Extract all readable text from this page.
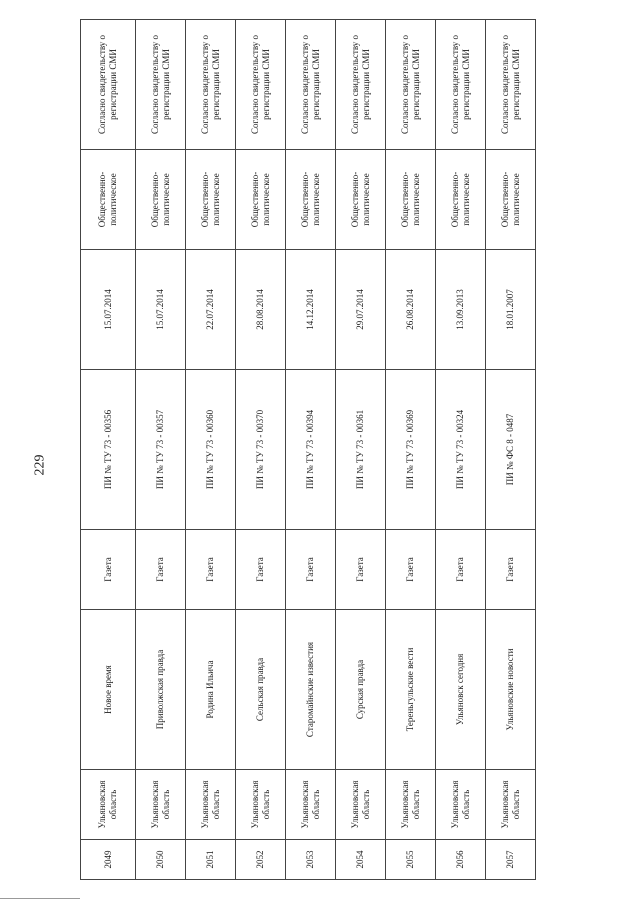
229
2049	Ульяновская область	Новое время	Газета	ПИ № ТУ 73 - 00356	15.07.2014	Общественно-политическое	Согласно свидетельству о регистрации СМИ
2050	Ульяновская область	Приволжская правда	Газета	ПИ № ТУ 73 - 00357	15.07.2014	Общественно-политическое	Согласно свидетельству о регистрации СМИ
2051	Ульяновская область	Родина Ильича	Газета	ПИ № ТУ 73 - 00360	22.07.2014	Общественно-политическое	Согласно свидетельству о регистрации СМИ
2052	Ульяновская область	Сельская правда	Газета	ПИ № ТУ 73 - 00370	28.08.2014	Общественно-политическое	Согласно свидетельству о регистрации СМИ
2053	Ульяновская область	Старомайнские известия	Газета	ПИ № ТУ 73 - 00394	14.12.2014	Общественно-политическое	Согласно свидетельству о регистрации СМИ
2054	Ульяновская область	Сурская правда	Газета	ПИ № ТУ 73 - 00361	29.07.2014	Общественно-политическое	Согласно свидетельству о регистрации СМИ
2055	Ульяновская область	Тереньгульские вести	Газета	ПИ № ТУ 73 - 00369	26.08.2014	Общественно-политическое	Согласно свидетельству о регистрации СМИ
2056	Ульяновская область	Ульяновск сегодня	Газета	ПИ № ТУ 73 - 00324	13.09.2013	Общественно-политическое	Согласно свидетельству о регистрации СМИ
2057	Ульяновская область	Ульяновские новости	Газета	ПИ № ФС 8 - 0487	18.01.2007	Общественно-политическое	Согласно свидетельству о регистрации СМИ
